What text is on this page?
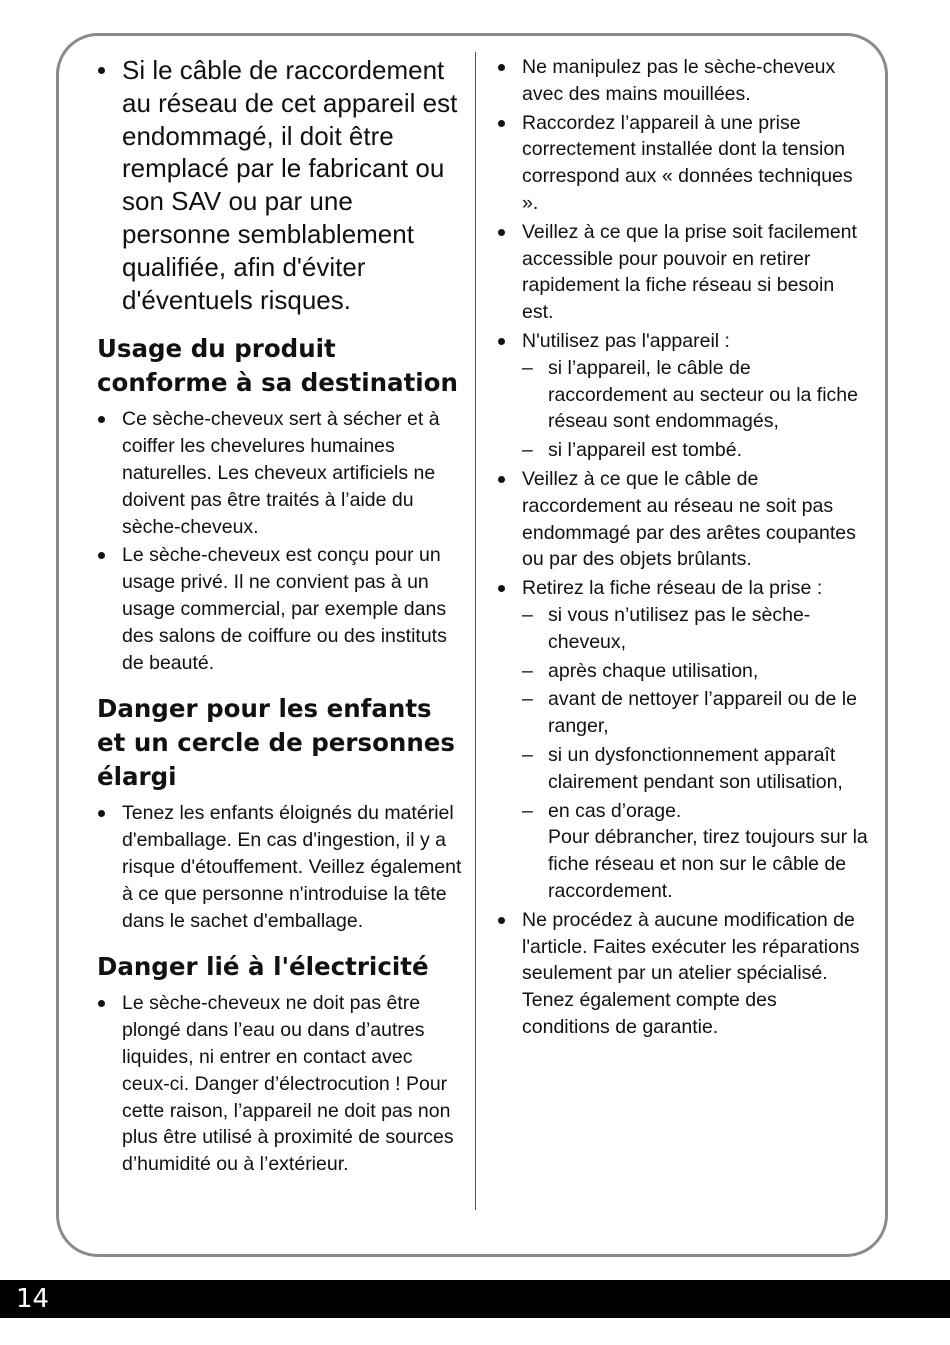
Si le câble de raccordement au réseau de cet appareil est endommagé, il doit être remplacé par le fabricant ou son SAV ou par une personne semblablement qualifiée, afin d'éviter d'éventuels risques.
Usage du produit conforme à sa destination
Ce sèche-cheveux sert à sécher et à coiffer les chevelures humaines naturelles. Les cheveux artificiels ne doivent pas être traités à l’aide du sèche-cheveux.
Le sèche-cheveux est conçu pour un usage privé. Il ne convient pas à un usage commercial, par exemple dans des salons de coiffure ou des instituts de beauté.
Danger pour les enfants et un cercle de personnes élargi
Tenez les enfants éloignés du matériel d'emballage. En cas d'ingestion, il y a risque d'étouffement. Veillez également à ce que personne n'introduise la tête dans le sachet d'emballage.
Danger lié à l'électricité
Le sèche-cheveux ne doit pas être plongé dans l’eau ou dans d’autres liquides, ni entrer en contact avec ceux-ci. Danger d’électrocution ! Pour cette raison, l’appareil ne doit pas non plus être utilisé à proximité de sources d’humidité ou à l’extérieur.
Ne manipulez pas le sèche-cheveux avec des mains mouillées.
Raccordez l’appareil à une prise correctement installée dont la tension correspond aux « données techniques ».
Veillez à ce que la prise soit facilement accessible pour pouvoir en retirer rapidement la fiche réseau si besoin est.
N'utilisez pas l'appareil :
– si l’appareil, le câble de raccordement au secteur ou la fiche réseau sont endommagés,
– si l’appareil est tombé.
Veillez à ce que le câble de raccordement au réseau ne soit pas endommagé par des arêtes coupantes ou par des objets brûlants.
Retirez la fiche réseau de la prise :
– si vous n’utilisez pas le sèche-cheveux,
– après chaque utilisation,
– avant de nettoyer l’appareil ou de le ranger,
– si un dysfonctionnement apparaît clairement pendant son utilisation,
– en cas d’orage.
Pour débrancher, tirez toujours sur la fiche réseau et non sur le câble de raccordement.
Ne procédez à aucune modification de l'article. Faites exécuter les réparations seulement par un atelier spécialisé. Tenez également compte des conditions de garantie.
14
